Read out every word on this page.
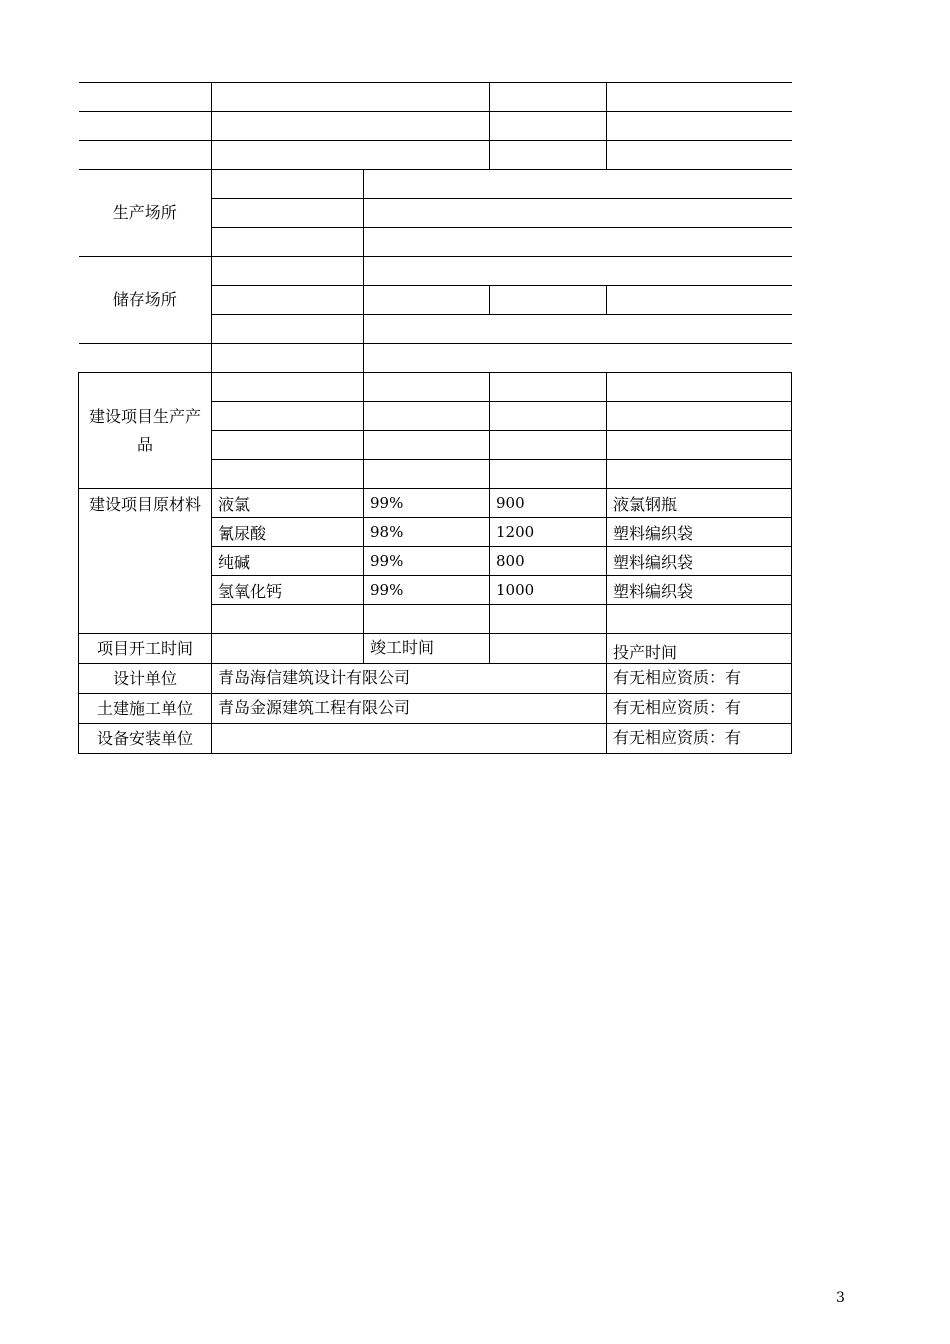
生产场所				

储存场所				

建设项目生产产品				

建设项目原材料	液氯	99%	900	液氯钢瓶
	氰尿酸	98%	1200	塑料编织袋
	纯碱	99%	800	塑料编织袋
	氢氧化钙	99%	1000	塑料编织袋

项目开工时间		竣工时间		投产时间
设计单位	青岛海信建筑设计有限公司			有无相应资质：有
土建施工单位	青岛金源建筑工程有限公司			有无相应资质：有
设备安装单位				有无相应资质：有
3
